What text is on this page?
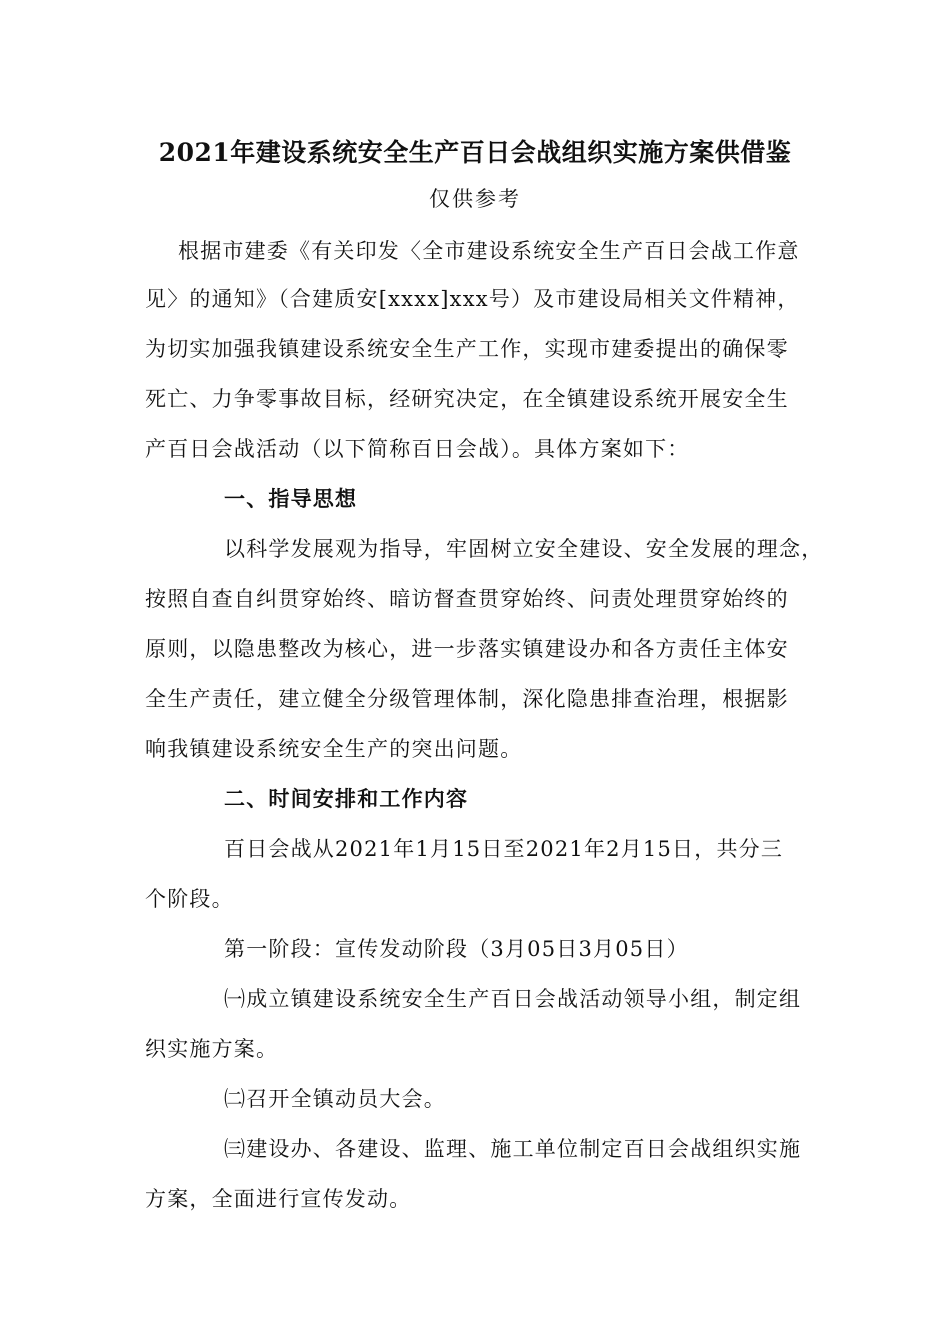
2021年建设系统安全生产百日会战组织实施方案供借鉴
仅供参考
根据市建委《有关印发〈全市建设系统安全生产百日会战工作意
见〉的通知》（合建质安[xxxx]xxx号）及市建设局相关文件精神，
为切实加强我镇建设系统安全生产工作，实现市建委提出的确保零
死亡、力争零事故目标，经研究决定，在全镇建设系统开展安全生
产百日会战活动（以下简称百日会战）。具体方案如下：
一、指导思想
以科学发展观为指导，牢固树立安全建设、安全发展的理念，
按照自查自纠贯穿始终、暗访督查贯穿始终、问责处理贯穿始终的
原则，以隐患整改为核心，进一步落实镇建设办和各方责任主体安
全生产责任，建立健全分级管理体制，深化隐患排查治理，根据影
响我镇建设系统安全生产的突出问题。
二、时间安排和工作内容
百日会战从2021年1月15日至2021年2月15日，共分三
个阶段。
第一阶段：宣传发动阶段（3月05日3月05日）
㈠成立镇建设系统安全生产百日会战活动领导小组，制定组
织实施方案。
㈡召开全镇动员大会。
㈢建设办、各建设、监理、施工单位制定百日会战组织实施
方案，全面进行宣传发动。
